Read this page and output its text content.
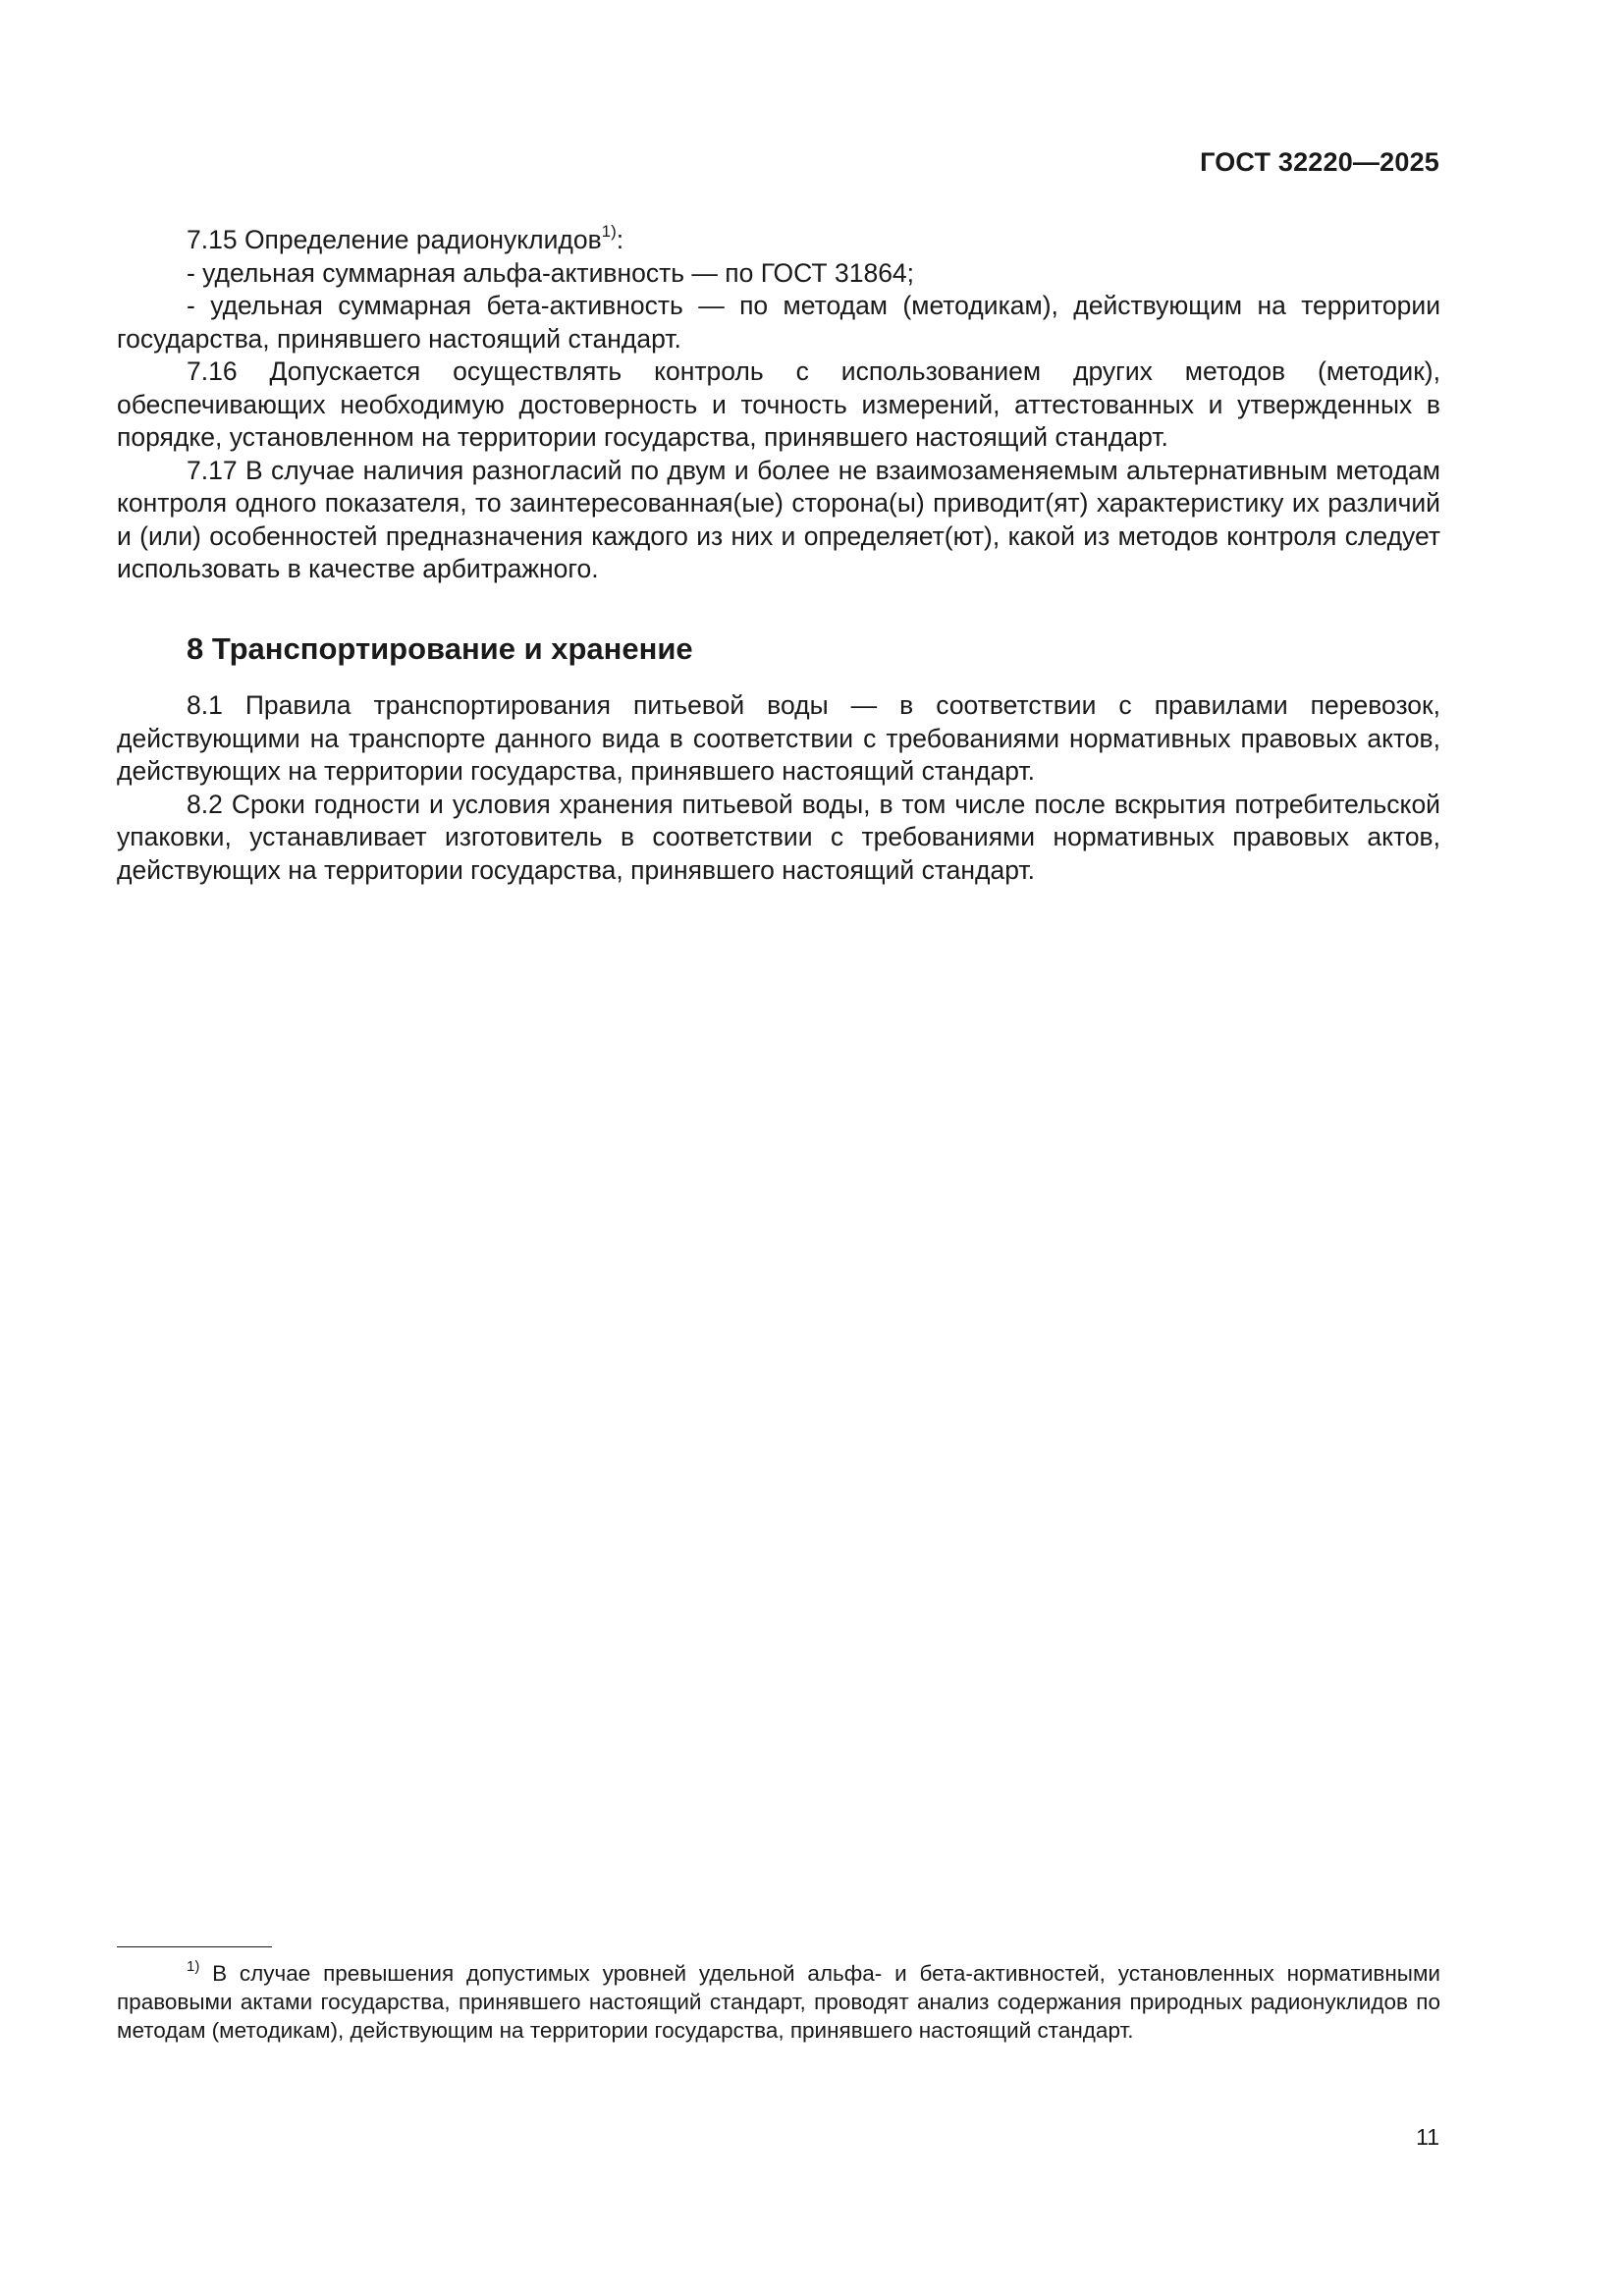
ГОСТ 32220—2025

7.15 Определение радионуклидов$^{1)}$:

- удельная суммарная альфа-активность — по ГОСТ 31864;

- удельная суммарная бета-активность — по методам (методикам), действующим на территории государства, принявшего настоящий стандарт.

7.16 Допускается осуществлять контроль с использованием других методов (методик), обеспечивающих необходимую достоверность и точность измерений, аттестованных и утвержденных в порядке, установленном на территории государства, принявшего настоящий стандарт.

7.17 В случае наличия разногласий по двум и более не взаимозаменяемым альтернативным методам контроля одного показателя, то заинтересованная(ые) сторона(ы) приводит(ят) характеристику их различий и (или) особенностей предназначения каждого из них и определяет(ют), какой из методов контроля следует использовать в качестве арбитражного.

8 Транспортирование и хранение

8.1 Правила транспортирования питьевой воды — в соответствии с правилами перевозок, действующими на транспорте данного вида в соответствии с требованиями нормативных правовых актов, действующих на территории государства, принявшего настоящий стандарт.

8.2 Сроки годности и условия хранения питьевой воды, в том числе после вскрытия потребительской упаковки, устанавливает изготовитель в соответствии с требованиями нормативных правовых актов, действующих на территории государства, принявшего настоящий стандарт.

$^{1)}$ В случае превышения допустимых уровней удельной альфа- и бета-активностей, установленных нормативными правовыми актами государства, принявшего настоящий стандарт, проводят анализ содержания природных радионуклидов по методам (методикам), действующим на территории государства, принявшего настоящий стандарт.

11
